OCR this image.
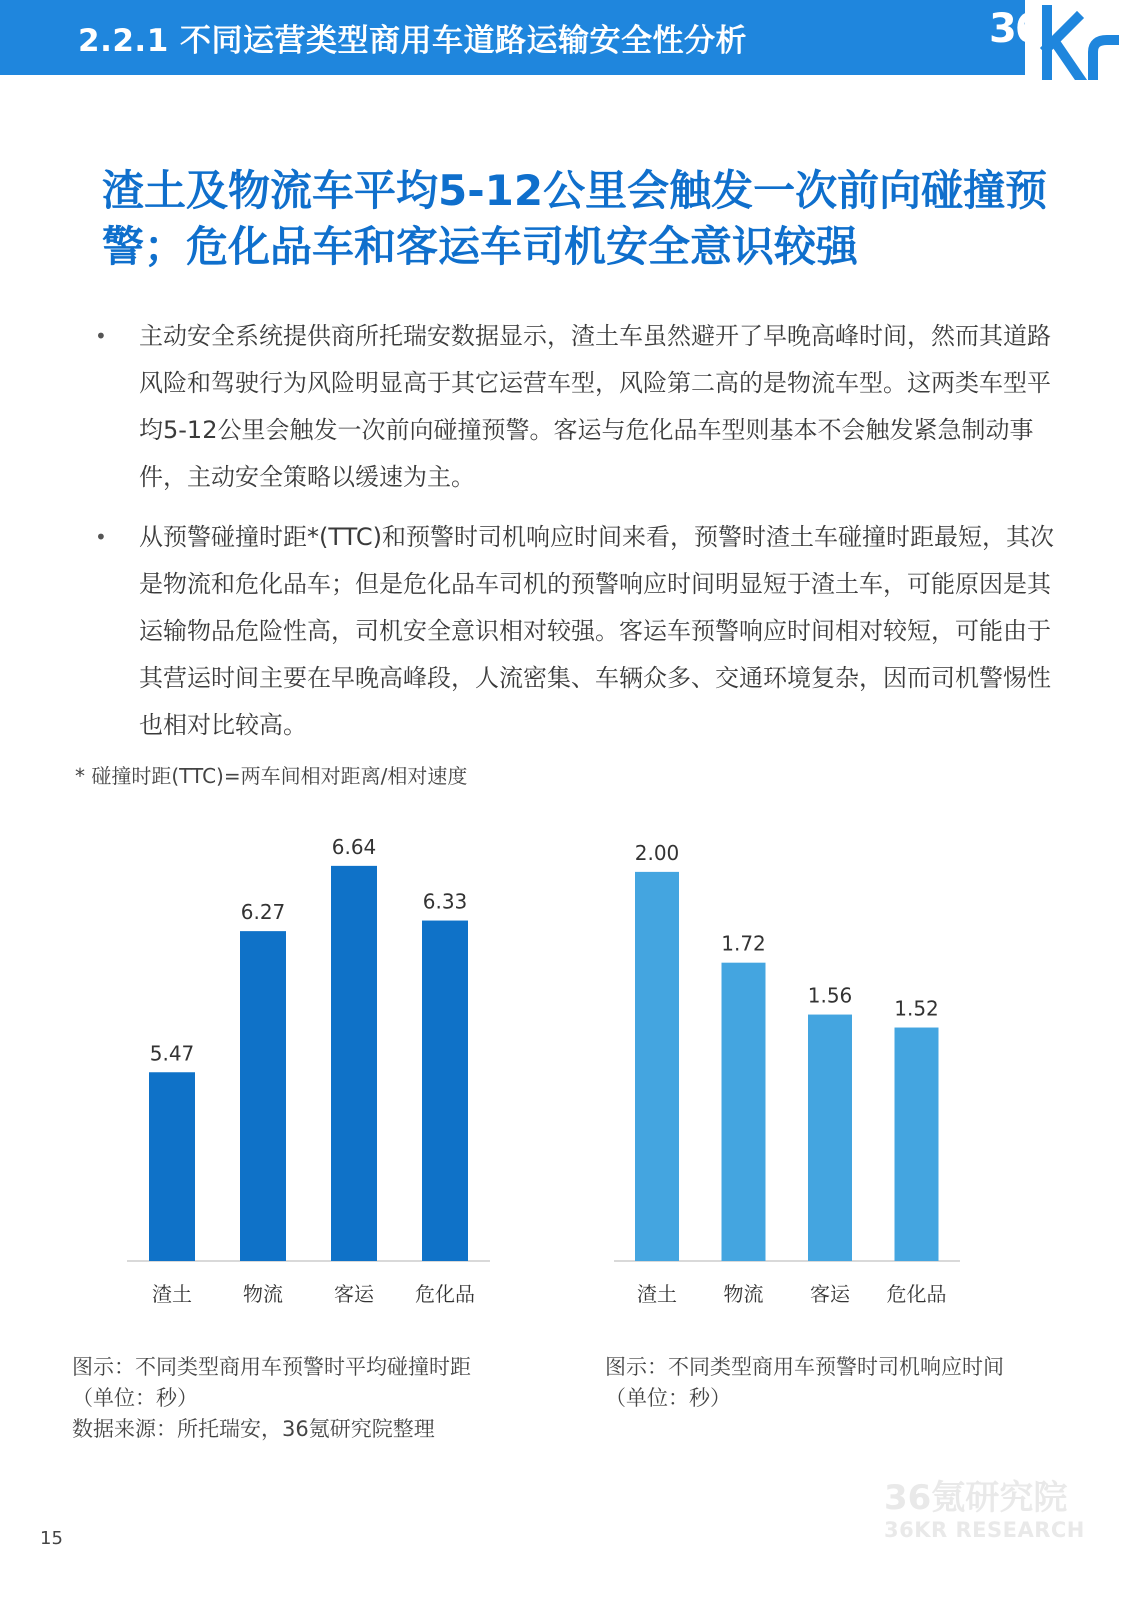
2.2.1 不同运营类型商用车道路运输安全性分析	36
渣土及物流车平均5-12公里会触发一次前向碰撞预警；危化品车和客运车司机安全意识较强
• 主动安全系统提供商所托瑞安数据显示，渣土车虽然避开了早晚高峰时间，然而其道路风险和驾驶行为风险明显高于其它运营车型，风险第二高的是物流车型。这两类车型平均5-12公里会触发一次前向碰撞预警。客运与危化品车型则基本不会触发紧急制动事件，主动安全策略以缓速为主。
• 从预警碰撞时距*(TTC)和预警时司机响应时间来看，预警时渣土车碰撞时距最短，其次是物流和危化品车；但是危化品车司机的预警响应时间明显短于渣土车，可能原因是其运输物品危险性高，司机安全意识相对较强。客运车预警响应时间相对较短，可能由于其营运时间主要在早晚高峰段，人流密集、车辆众多、交通环境复杂，因而司机警惕性也相对比较高。
* 碰撞时距(TTC)=两车间相对距离/相对速度
5.47
渣土
6.27
物流
6.64
客运
6.33
危化品
2.00
渣土
1.72
物流
1.56
客运
1.52
危化品
图示：不同类型商用车预警时平均碰撞时距
（单位：秒）
数据来源：所托瑞安，36氪研究院整理
图示：不同类型商用车预警时司机响应时间
（单位：秒）
15
36氪研究院
36KR RESEARCH
